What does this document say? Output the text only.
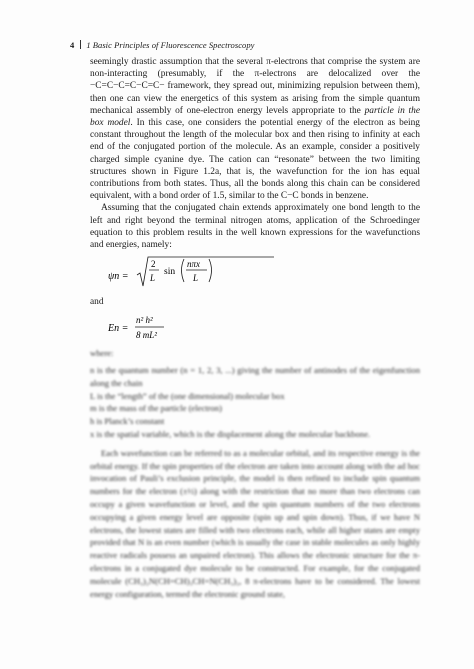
4 1 Basic Principles of Fluorescence Spectroscopy

seemingly drastic assumption that the several π-electrons that comprise the system are non-interacting (presumably, if the π-electrons are delocalized over the −C=C−C=C−C=C− framework, they spread out, minimizing repulsion between them), then one can view the energetics of this system as arising from the simple quantum mechanical assembly of one-electron energy levels appropriate to the particle in the box model. In this case, one considers the potential energy of the electron as being constant throughout the length of the molecular box and then rising to infinity at each end of the conjugated portion of the molecule. As an example, consider a positively charged simple cyanine dye. The cation can “resonate” between the two limiting structures shown in Figure 1.2a, that is, the wavefunction for the ion has equal contributions from both states. Thus, all the bonds along this chain can be considered equivalent, with a bond order of 1.5, similar to the C−C bonds in benzene.

Assuming that the conjugated chain extends approximately one bond length to the left and right beyond the terminal nitrogen atoms, application of the Schroedinger equation to this problem results in the well known expressions for the wavefunctions and energies, namely:

ψn =
2
L
sin
nπx
L
and
En =
n² h²
8 mL²

where:

n is the quantum number (n = 1, 2, 3, ...) giving the number of antinodes of the eigenfunction along the chain

L is the “length” of the (one dimensional) molecular box

m is the mass of the particle (electron)

h is Planck’s constant

x is the spatial variable, which is the displacement along the molecular backbone.

Each wavefunction can be referred to as a molecular orbital, and its respective energy is the orbital energy. If the spin properties of the electron are taken into account along with the ad hoc invocation of Pauli’s exclusion principle, the model is then refined to include spin quantum numbers for the electron (±½) along with the restriction that no more than two electrons can occupy a given wavefunction or level, and the spin quantum numbers of the two electrons occupying a given energy level are opposite (spin up and spin down). Thus, if we have N electrons, the lowest states are filled with two electrons each, while all higher states are empty provided that N is an even number (which is usually the case in stable molecules as only highly reactive radicals possess an unpaired electron). This allows the electronic structure for the π-electrons in a conjugated dye molecule to be constructed. For example, for the conjugated molecule (CH₃)₂N(CH=CH)₃CH=N(CH₃)₂, 8 π-electrons have to be considered. The lowest energy configuration, termed the electronic ground state,
